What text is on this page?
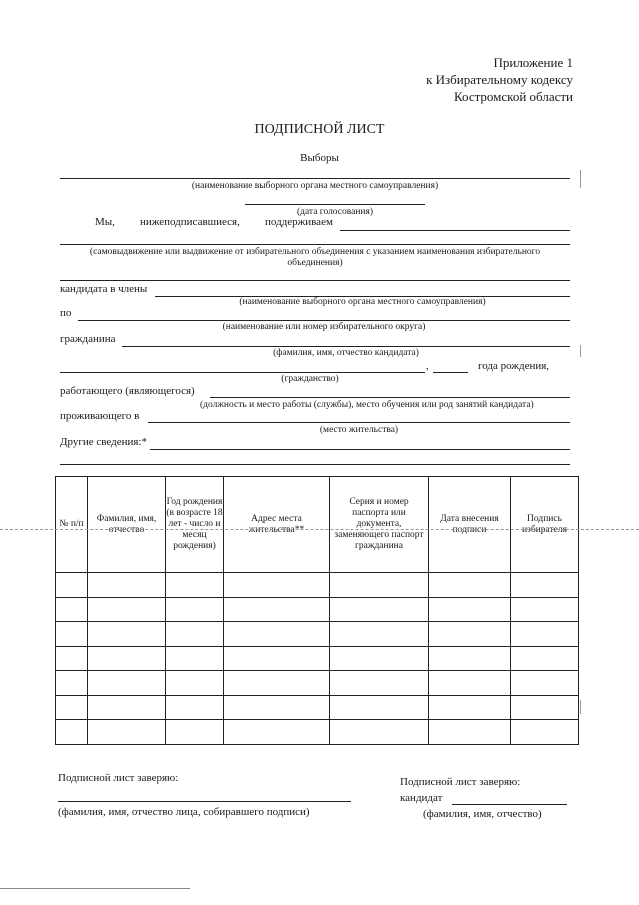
Приложение 1
к Избирательному кодексу
Костромской области
ПОДПИСНОЙ ЛИСТ
Выборы
(наименование выборного органа местного самоуправления)
(дата голосования)
Мы, нижеподписавшиеся, поддерживаем
(самовыдвижение или выдвижение от избирательного объединения с указанием наименования избирательного
объединения)
кандидата в члены
(наименование выборного органа местного самоуправления)
по
(наименование или номер избирательного округа)
гражданина
(фамилия, имя, отчество кандидата)
,	года рождения,
(гражданство)
работающего (являющегося)
(должность и место работы (службы), место обучения или род занятий кандидата)
проживающего в
(место жительства)
Другие сведения:*
№ п/п	Фамилия, имя, отчество	Год рождения (в возрасте 18 лет - число и месяц рождения)	Адрес места жительства**	Серия и номер паспорта или документа, заменяющего паспорт гражданина	Дата внесения подписи	Подпись избирателя

Подписной лист заверяю:
(фамилия, имя, отчество лица, собиравшего подписи)
Подписной лист заверяю:
кандидат
(фамилия, имя, отчество)
